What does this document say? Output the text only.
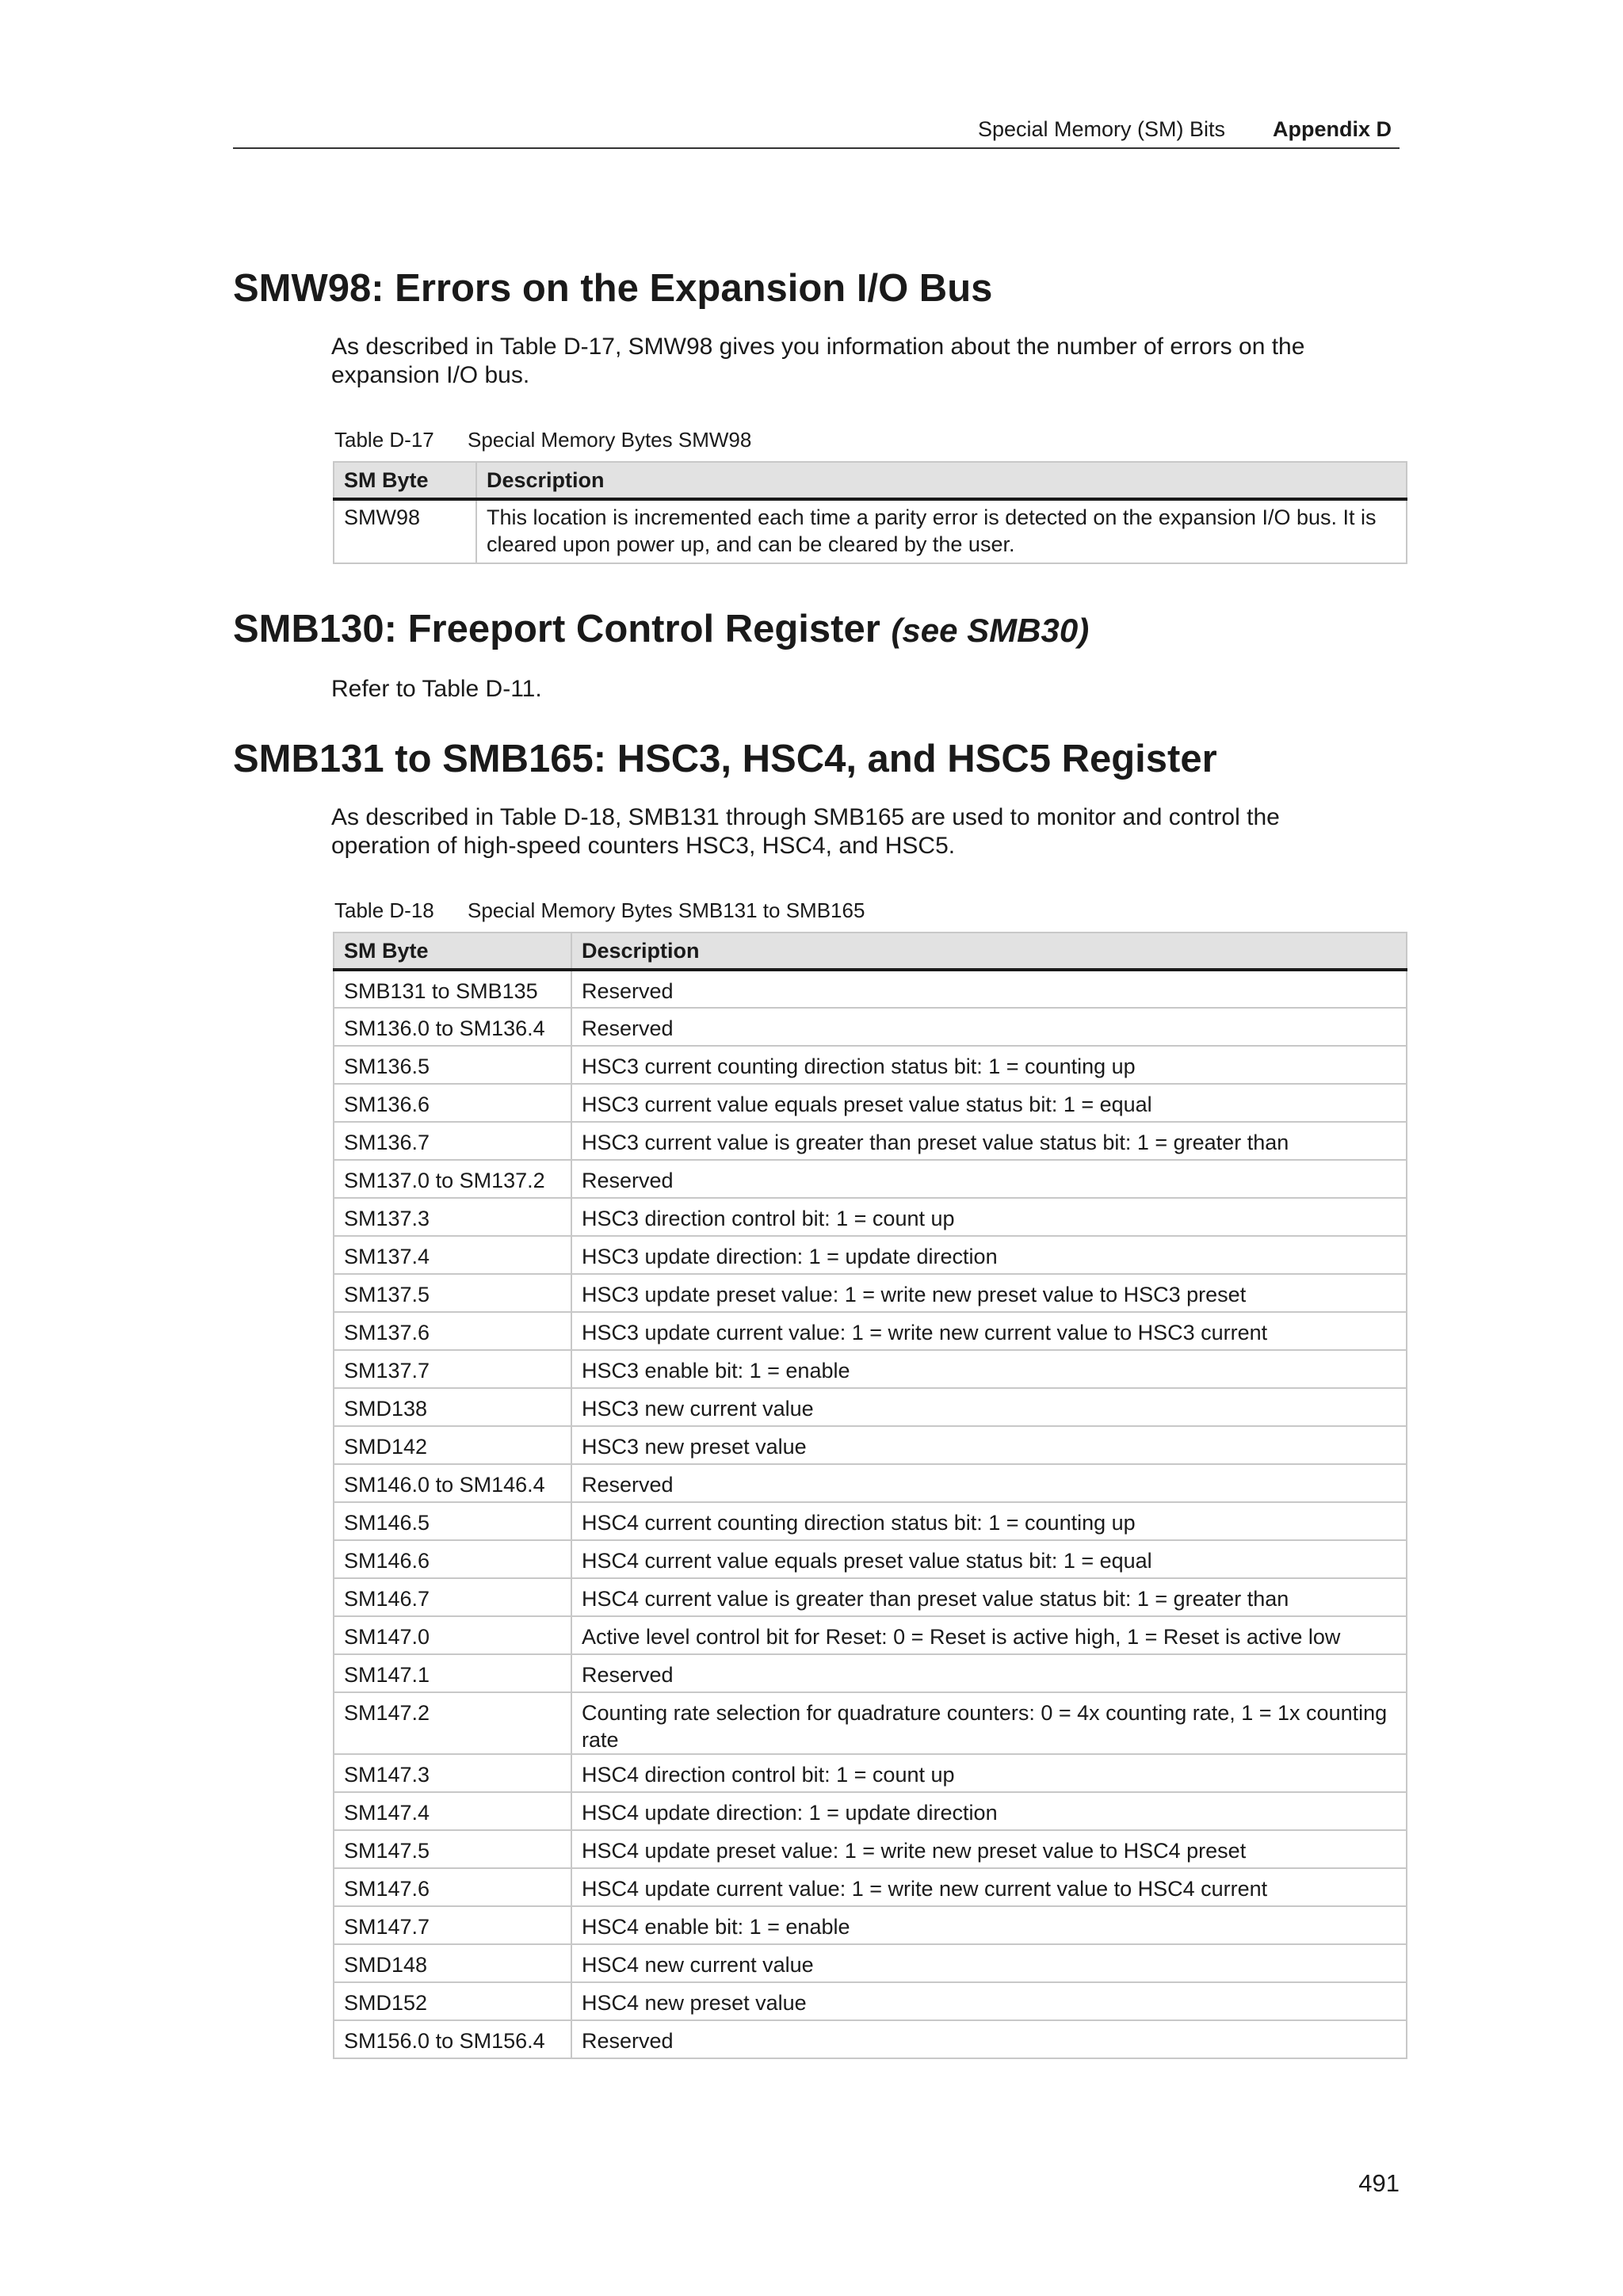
Special Memory (SM) Bits Appendix D
SMW98: Errors on the Expansion I/O Bus

As described in Table D-17, SMW98 gives you information about the number of errors on the expansion I/O bus.

Table D-17 Special Memory Bytes SMW98
SM Byte	Description
SMW98	This location is incremented each time a parity error is detected on the expansion I/O bus. It is cleared upon power up, and can be cleared by the user.
SMB130: Freeport Control Register (see SMB30)

Refer to Table D-11.

SMB131 to SMB165: HSC3, HSC4, and HSC5 Register

As described in Table D-18, SMB131 through SMB165 are used to monitor and control the operation of high-speed counters HSC3, HSC4, and HSC5.

Table D-18 Special Memory Bytes SMB131 to SMB165
SM Byte	Description
SMB131 to SMB135	Reserved
SM136.0 to SM136.4	Reserved
SM136.5	HSC3 current counting direction status bit: 1 = counting up
SM136.6	HSC3 current value equals preset value status bit: 1 = equal
SM136.7	HSC3 current value is greater than preset value status bit: 1 = greater than
SM137.0 to SM137.2	Reserved
SM137.3	HSC3 direction control bit: 1 = count up
SM137.4	HSC3 update direction: 1 = update direction
SM137.5	HSC3 update preset value: 1 = write new preset value to HSC3 preset
SM137.6	HSC3 update current value: 1 = write new current value to HSC3 current
SM137.7	HSC3 enable bit: 1 = enable
SMD138	HSC3 new current value
SMD142	HSC3 new preset value
SM146.0 to SM146.4	Reserved
SM146.5	HSC4 current counting direction status bit: 1 = counting up
SM146.6	HSC4 current value equals preset value status bit: 1 = equal
SM146.7	HSC4 current value is greater than preset value status bit: 1 = greater than
SM147.0	Active level control bit for Reset: 0 = Reset is active high, 1 = Reset is active low
SM147.1	Reserved
SM147.2	Counting rate selection for quadrature counters: 0 = 4x counting rate, 1 = 1x counting rate
SM147.3	HSC4 direction control bit: 1 = count up
SM147.4	HSC4 update direction: 1 = update direction
SM147.5	HSC4 update preset value: 1 = write new preset value to HSC4 preset
SM147.6	HSC4 update current value: 1 = write new current value to HSC4 current
SM147.7	HSC4 enable bit: 1 = enable
SMD148	HSC4 new current value
SMD152	HSC4 new preset value
SM156.0 to SM156.4	Reserved
491
